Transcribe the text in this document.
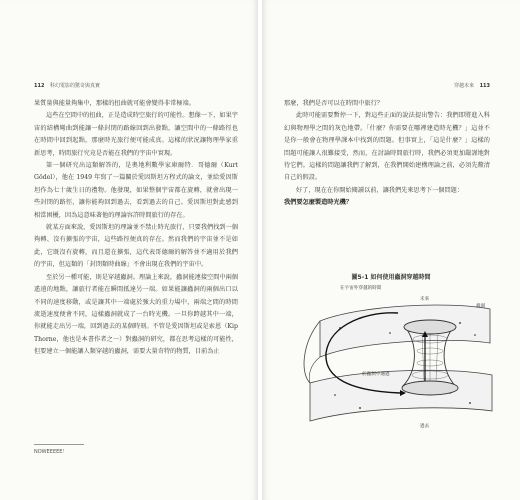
112 科幻電影的驚奇與真實

果質量與能量夠集中，那樣的扭曲就可能會變得非常極端。

這些在空間中的扭曲，正是造成時空旅行的可能性。想像一下，如果宇宙的結構彎曲到能讓一條封閉的路線回到出發點，讓空間中的一條路徑也在時間中回到起點，那麼時光旅行便可能成真。這樣的狀況讓物理學家重新思考，時間旅行究竟是否能在我們的宇宙中實現。

第一個研究出這類解答的，是奧地利數學家庫爾特．哥德爾（Kurt Gödel），他在 1949 年寫了一篇關於愛因斯坦方程式的論文，並給愛因斯坦作為七十歲生日的禮物。他發現，如果整個宇宙都在旋轉，就會出現一些封閉的路徑，讓你能夠回到過去，看到過去的自己。愛因斯坦對此感到相當困擾，因為這意味著他的理論容許時間旅行的存在。

就某方面來說，愛因斯坦的理論並不禁止時光旅行，只要我們找到一個夠轉、沒有擴張的宇宙，這些路徑便真的存在。然而我們的宇宙並不是如此，它既沒有旋轉，而且還在擴張，這代表哥德爾的解答並不適用於我們的宇宙，但這類的「封閉類時曲線」不會出現在我們的宇宙中。

至於另一種可能，則是穿越蟲洞。理論上來說，蟲洞能連接空間中兩個遙遠的地點，讓旅行者能在瞬間抵達另一端。如果能讓蟲洞的兩個出口以不同的速度移動，或是讓其中一端處於強大的重力場中，兩端之間的時間流逝速度便會不同，這樣蟲洞就成了一台時光機。一旦你跨越其中一端，你就能走出另一端，回到過去的某個時刻。不管是愛因斯坦或是索恩（Kip Thorne，他也是本書作者之一）對蟲洞的研究，都在思考這樣的可能性，但要建立一個能讓人類穿越的蟲洞，需要大量奇特的物質，目前為止

NOWEEEEE！
穿越未來 113

那麼，我們是否可以在時間中旅行？

此時可能需要暫停一下，對這些正面的說法提出警告：我們即將進入科幻與物理學之間的灰色地帶。「什麼？你需要在哪裡建造時光機？」這並不是你一般會在物理學課本中找到的問題。但事實上，「這是什麼？」這樣的問題可能讓人很難接受，然而，在討論時間旅行時，我們必須更加嚴謹地對待它們。這樣的問題讓我們了解到，在我們開始建構理論之前，必須先釐清自己的假設。

好了，現在在你開始閱讀以前，讓我們先來思考下一個問題：

我們要怎麼製造時光機？

圖5-1 如何使用蟲洞穿越時間
在宇宙外穿越的時間
未來
蟲洞
於蟲洞中通過
過去
